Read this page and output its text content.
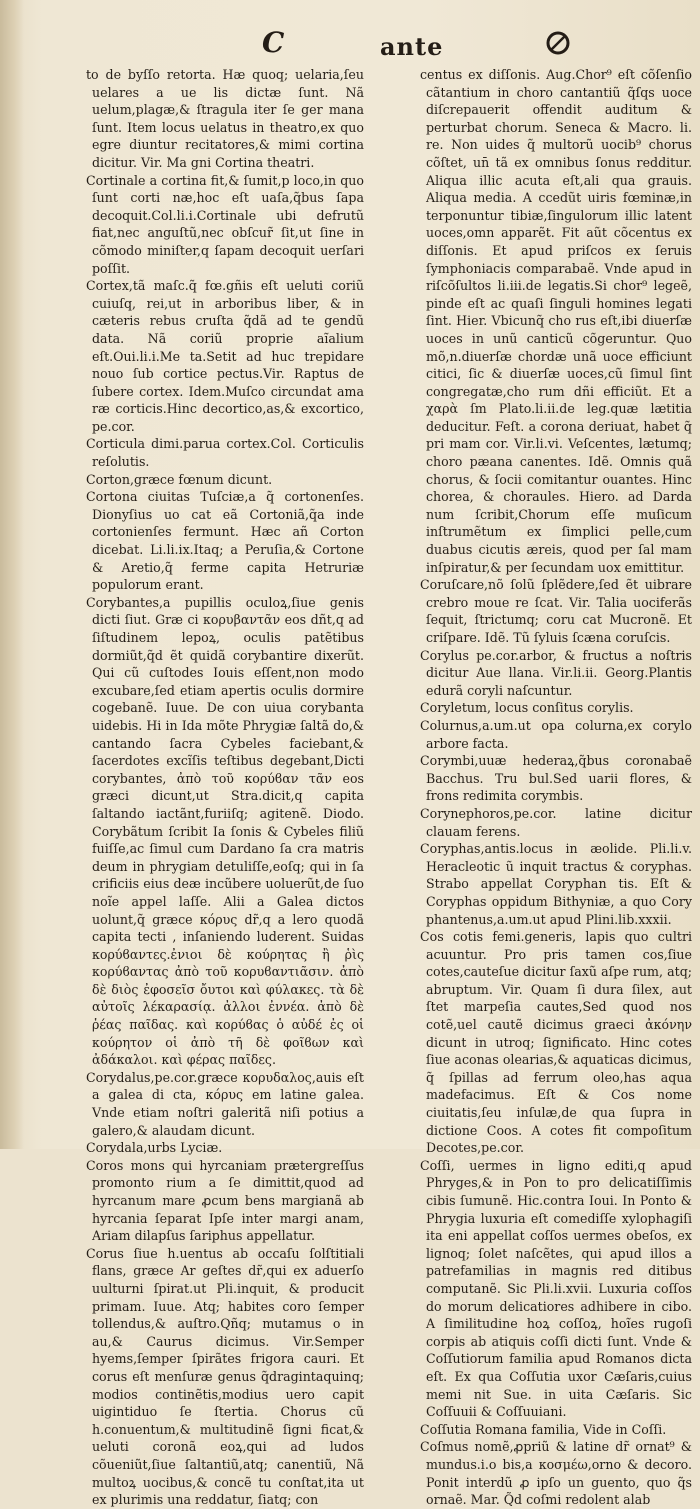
C	ante

to de byſſo retorta. Hæ quoq; uelaria,ſeu uelares a ue lis dictæ ſunt. Nã uelum,plagæ,& ſtragula iter ſe ger mana ſunt. Item locus uelatus in theatro,ex quo egre diuntur recitatores,& mimi cortina dicitur. Vir. Ma gni Cortina theatri.

Cortinale a cortina fit,& ſumit,p loco,in quo ſunt corti næ,hoc eſt uaſa,q̃bus ſapa decoquit.Col.li.i.Cortinale ubi defrutũ fiat,nec anguſtũ,nec obſcur̃ ſit,ut ſine in cõmodo miniſter,q ſapam decoquit uerſari poſſit.

Cortex,tã maſc.q̃ fœ.gñis eſt ueluti coriũ cuiuſq, rei,ut in arboribus liber, & in cæteris rebus cruſta q̃dã ad te gendũ data. Nã coriũ proprie aĩalium eſt.Oui.li.i.Me ta.Setit ad huc trepidare nouo ſub cortice pectus.Vir. Raptus de ſubere cortex. Idem.Muſco circundat ama ræ corticis.Hinc decortico,as,& excortico, pe.cor.

Corticula dimi.parua cortex.Col. Corticulis reſolutis.

Corton,græce fœnum dicunt.

Cortona ciuitas Tuſciæ,a q̃ cortonenſes. Dionyſius uo cat eã Cortoniã,q̃a inde cortonienſes fermunt. Hæc añ Corton dicebat. Li.li.ix.Itaq; a Peruſia,& Cortone & Aretio,q̃ ferme capita Hetruriæ populorum erant.

Corybantes,a pupillis oculoꝝ,ſiue genis dicti ſiut. Græ ci κορυβαντᾶν eos dñt,q ad ſiſtudinem lepoꝝ, oculis patẽtibus dormiũt,q̃d ẽt quidã corybantire dixerũt. Qui cũ cuſtodes Iouis eſſent,non modo excubare,ſed etiam apertis oculis dormire cogebanẽ. Iuue. De con uiua corybanta uidebis. Hi in Ida mõte Phrygiæ ſaltã do,& cantando ſacra Cybeles faciebant,& ſacerdotes excĩſis teſtibus degebant,Dicti corybantes, ἀπὸ τοῦ κορύϐαν τᾶν eos græci dicunt,ut Stra.dicit,q capita ſaltando iactãnt,furiiſq; agitenẽ. Diodo. Corybãtum ſcribit Ia ſonis & Cybeles filiũ fuiſſe,ac ſimul cum Dardano ſa cra matris deum in phrygiam detuliſſe,eoſq; qui in ſa crificiis eius deæ incũbere uoluerũt,de ſuo noĩe appel laſſe. Alii a Galea dictos uolunt,q̃ græce κόρυς dr̃,q a lero quodã capita tecti , inſaniendo luderent. Suidas κορύϐαντες.ἐνιοι δὲ κούρητας ἢ ῥὶς κορύϐαντας ἀπὸ τοῦ κορυϐαντιᾶσιν. ἀπὸ δὲ διὸς ἐφοσεῖσ ὄυτοι καὶ φύλακες. τὰ δὲ αὐτοῖς λέκαρασίᾳ. ἀλλοι ἐννέα. ἀπὸ δὲ ῥέας παῖδας. καὶ κορύϐας ὁ αὐδέ ἐς οἱ κούρητον οἱ ἀπὸ τῆ δὲ φοῖϐων καὶ ἀδάκαλοι. καὶ φέρας παῖδες.

Corydalus,pe.cor.græce κορυδαλος,auis eſt a galea di cta, κόρυς em latine galea. Vnde etiam noſtri galeritã niſi potius a galero,& alaudam dicunt.

Corydala,urbs Lyciæ.

Coros mons qui hyrcaniam prætergreſſus promonto rium a ſe dimittit,quod ad hyrcanum mare ꝓcum bens margianã ab hyrcania ſeparat Ipſe inter margi anam, Ariam dilapſus ſariphus appellatur.

Corus ſiue h.uentus ab occaſu ſolſtitiali flans, græce Ar geſtes dr̃,qui ex aduerſo uulturni ſpirat.ut Pli.inquit, & producit primam. Iuue. Atq; habites coro ſemper tollendus,& auſtro.Qñq; mutamus o in au,& Caurus dicimus. Vir.Semper hyems,ſemper ſpirãtes frigora cauri. Et corus eſt menſuræ genus q̃dragintaquinq; modios continẽtis,modius uero capit uigintiduo ſe ſtertia. Chorus cũ h.conuentum,& multitudinẽ ſigni ficat,& ueluti coronã eoꝝ,qui ad ludos cõueniũt,ſiue ſaltantiũ,atq; canentiũ, Nã multoꝝ uocibus,& concẽ tu conſtat,ita ut ex plurimis una reddatur, ſiatq; con

centus ex diſſonis. Aug.Chor⁹ eſt cõſenſio cãtantium in choro cantantiũ q̃ſqs uoce diſcrepauerit offendit auditum & perturbat chorum. Seneca & Macro. li. re. Non uides q̃ multorũ uocib⁹ chorus cõſtet, un̄ tã ex omnibus ſonus redditur. Aliqua illic acuta eſt,ali qua grauis. Aliqua media. A ccedũt uiris fœminæ,in terponuntur tibiæ,ſingulorum illic latent uoces,omn apparẽt. Fit aũt cõcentus ex diſſonis. Et apud priſcos ex ſeruis ſymphoniacis comparabaẽ. Vnde apud in riſcõſultos li.iii.de legatis.Si chor⁹ legeẽ, pinde eſt ac quaſi ſinguli homines legati ſint. Hier. Vbicunq̃ cho rus eſt,ibi diuerſæ uoces in unũ canticũ cõgeruntur. Quo mõ,n.diuerſæ chordæ unã uoce efficiunt citici, ſic & diuerſæ uoces,cũ ſimul ſint congregatæ,cho rum dñi efficiũt. Et a χαρὰ ſm Plato.li.ii.de leg.quæ lætitia deducitur. Feſt. a corona deriuat, habet q̃ pri mam cor. Vir.li.vi. Veſcentes, lætumq; choro pæana canentes. Idẽ. Omnis quã chorus, & ſocii comitantur ouantes. Hinc chorea, & choraules. Hiero. ad Darda num ſcribit,Chorum eſſe muſicum inſtrumẽtum ex ſimplici pelle,cum duabus cicutis æreis, quod per ſal mam inſpiratur,& per ſecundam uox emittitur.

Coruſcare,nõ ſolũ ſplẽdere,ſed ẽt uibrare crebro moue re ſcat. Vir. Talia uociferãs ſequit, ſtrictumq; coru cat Mucronẽ. Et criſpare. Idẽ. Tũ ſyluis ſcæna coruſcis.

Corylus pe.cor.arbor, & fructus a noſtris dicitur Aue llana. Vir.li.ii. Georg.Plantis edurã coryli naſcuntur.

Coryletum, locus conſitus corylis.

Colurnus,a.um.ut opa colurna,ex corylo arbore facta.

Corymbi,uuæ hederaꝝ,q̃bus coronabaẽ Bacchus. Tru bul.Sed uarii flores, & frons redimita corymbis.

Corynephoros,pe.cor. latine dicitur clauam ferens.

Coryphas,antis.locus in æolide. Pli.li.v. Heracleotic ũ inquit tractus & coryphas. Strabo appellat Coryphan tis. Eſt & Coryphas oppidum Bithyniæ, a quo Cory phantenus,a.um.ut apud Plini.lib.xxxii.

Cos cotis femi.generis, lapis quo cultri acuuntur. Pro pris tamen cos,ſiue cotes,cauteſue dicitur ſaxũ aſpe rum, atq; abruptum. Vir. Quam ſi dura ſilex, aut ſtet marpeſia cautes,Sed quod nos cotẽ,uel cautẽ dicimus graeci ἀκόνην dicunt in utroq; ſignificato. Hinc cotes ſiue aconas olearias,& aquaticas dicimus, q̃ ſpillas ad ferrum oleo,has aqua madefacimus. Eſt & Cos nome ciuitatis,ſeu inſulæ,de qua ſupra in dictione Coos. A cotes fit compoſitum Decotes,pe.cor.

Coſſi, uermes in ligno editi,q apud Phryges,& in Pon to pro delicatiſſimis cibis ſumunẽ. Hic.contra Ioui. In Ponto & Phrygia luxuria eſt comediſſe xylophagiſi ita eni appellat coſſos uermes obeſos, ex lignoq; ſolet naſcẽtes, qui apud illos a patrefamilias in magnis red ditibus computanẽ. Sic Pli.li.xvii. Luxuria coſſos do morum delicatiores adhibere in cibo. A ſimilitudine hoꝝ coſſoꝝ, hoĩes rugoſi corpis ab atiquis coſſi dicti ſunt. Vnde & Coſſutiorum familia apud Romanos dicta eſt. Ex qua Coſſutia uxor Cæſaris,cuius memi nit Sue. in uita Cæſaris. Sic Coſſuuii & Coſſuuiani.

Coſſutia Romana familia, Vide in Coſſi.

Coſmus nomẽ,ꝓpriũ & latine dr̃ ornat⁹ & mundus.i.o bis,a κοσμέω,orno & decoro. Ponit interdũ ꝓ ipſo un guento, quo q̃s ornaẽ. Mar. Q̃d coſmi redolent alab
